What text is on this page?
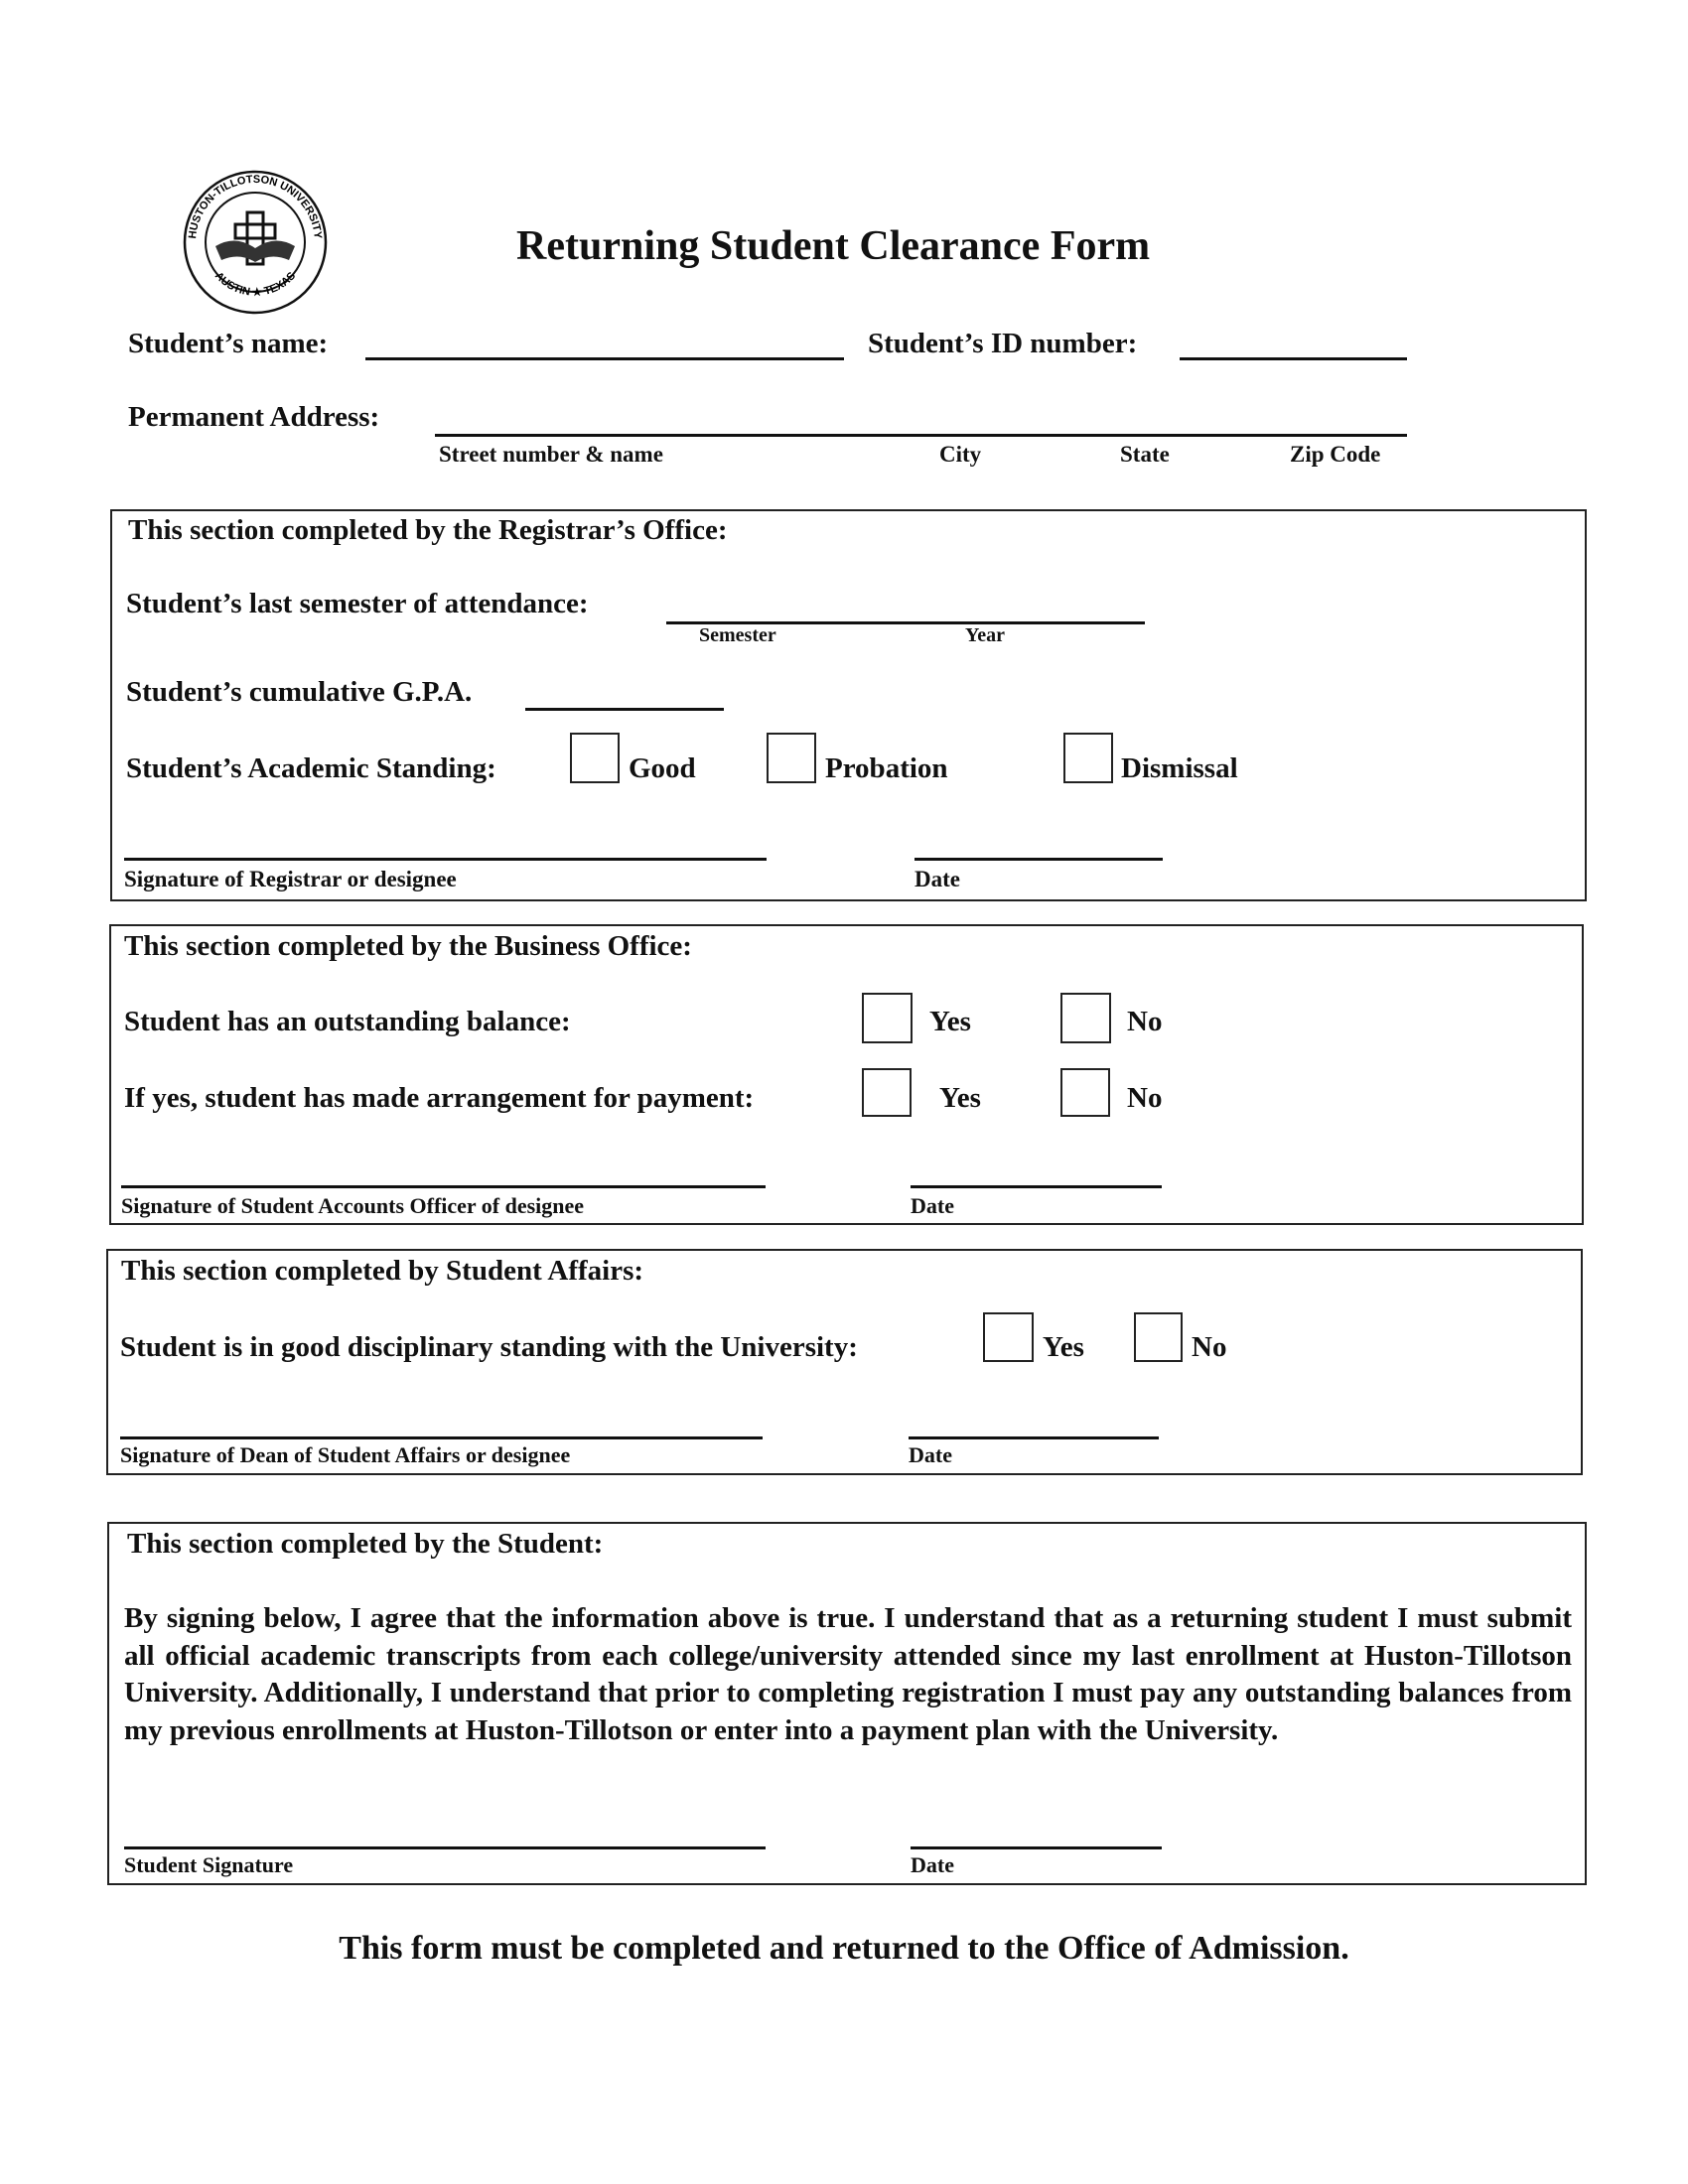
HUSTON-TILLOTSON UNIVERSITY
AUSTIN ★ TEXAS
Returning Student Clearance Form
Student’s name:	Student’s ID number:
Permanent Address:
Street number & name	City	State	Zip Code
This section completed by the Registrar’s Office:
Student’s last semester of attendance:
Semester	Year
Student’s cumulative G.P.A.
Student’s Academic Standing:	Good	Probation	Dismissal
Signature of Registrar or designee	Date
This section completed by the Business Office:
Student has an outstanding balance:	Yes	No
If yes, student has made arrangement for payment:	Yes	No
Signature of Student Accounts Officer of designee	Date
This section completed by Student Affairs:
Student is in good disciplinary standing with the University:	Yes	No
Signature of Dean of Student Affairs or designee	Date
This section completed by the Student:
By signing below, I agree that the information above is true. I understand that as a returning student I must submit all official academic transcripts from each college/university attended since my last enrollment at Huston-Tillotson University. Additionally, I understand that prior to completing registration I must pay any outstanding balances from my previous enrollments at Huston-Tillotson or enter into a payment plan with the University.
Student Signature	Date
This form must be completed and returned to the Office of Admission.
